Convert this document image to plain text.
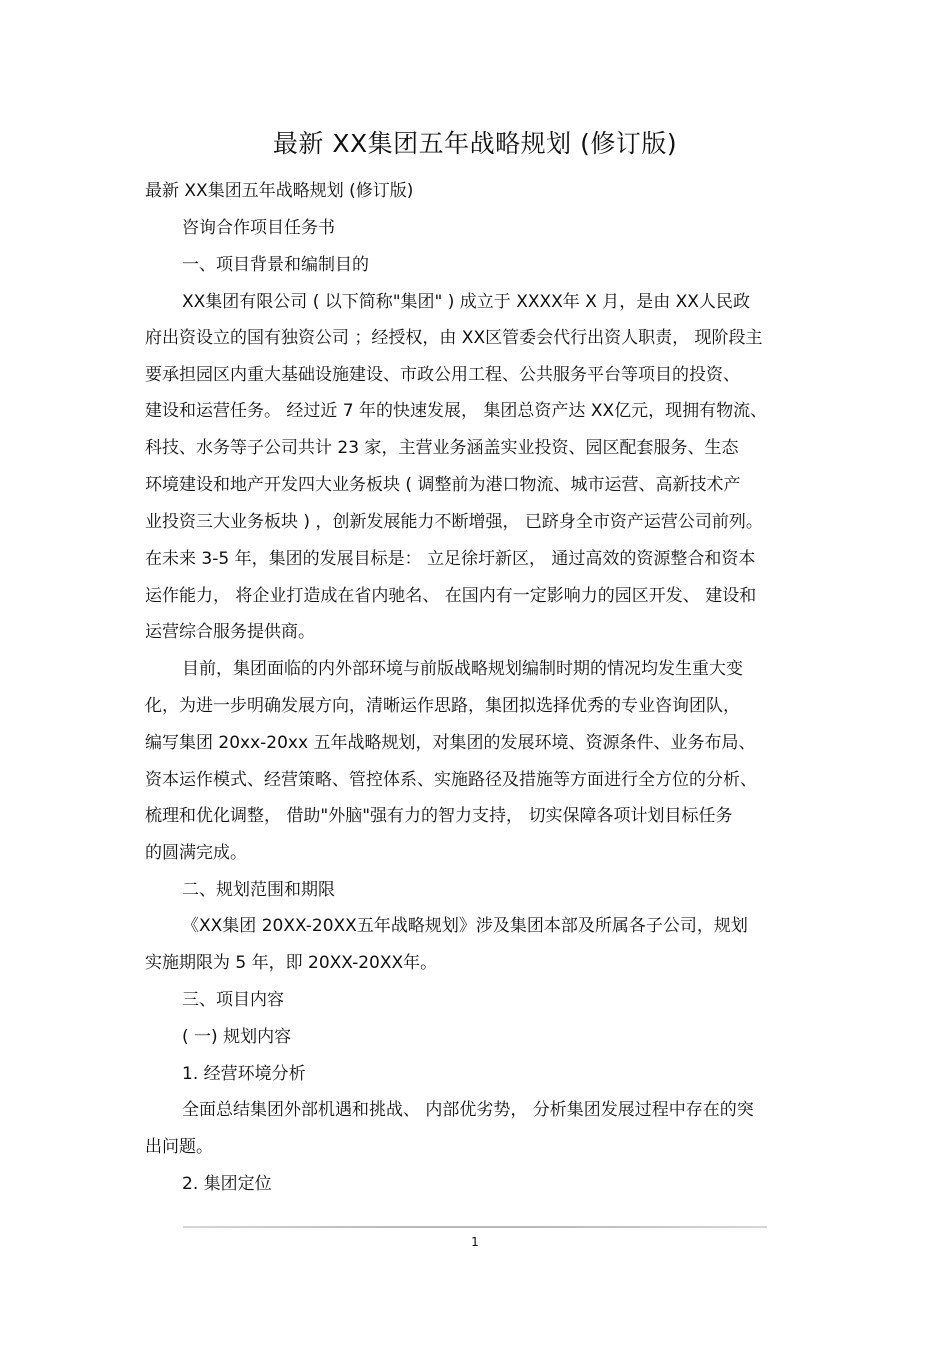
最新 XX集团五年战略规划 (修订版)
最新 XX集团五年战略规划 (修订版)
咨询合作项目任务书
一、项目背景和编制目的
XX集团有限公司 ( 以下简称"集团" ) 成立于 XXXX年 X 月，是由 XX人民政
府出资设立的国有独资公司 ；经授权，由 XX区管委会代行出资人职责， 现阶段主
要承担园区内重大基础设施建设、市政公用工程、公共服务平台等项目的投资、
建设和运营任务。 经过近 7 年的快速发展， 集团总资产达 XX亿元，现拥有物流、
科技、水务等子公司共计 23 家，主营业务涵盖实业投资、园区配套服务、生态
环境建设和地产开发四大业务板块 ( 调整前为港口物流、城市运营、高新技术产
业投资三大业务板块 ) ，创新发展能力不断增强， 已跻身全市资产运营公司前列。
在未来 3-5 年，集团的发展目标是： 立足徐圩新区， 通过高效的资源整合和资本
运作能力， 将企业打造成在省内驰名、 在国内有一定影响力的园区开发、 建设和
运营综合服务提供商。
目前，集团面临的内外部环境与前版战略规划编制时期的情况均发生重大变
化，为进一步明确发展方向，清晰运作思路，集团拟选择优秀的专业咨询团队，
编写集团 20xx-20xx 五年战略规划，对集团的发展环境、资源条件、业务布局、
资本运作模式、经营策略、管控体系、实施路径及措施等方面进行全方位的分析、
梳理和优化调整， 借助"外脑"强有力的智力支持， 切实保障各项计划目标任务
的圆满完成。
二、规划范围和期限
《XX集团 20XX-20XX五年战略规划》涉及集团本部及所属各子公司，规划
实施期限为 5 年，即 20XX-20XX年。
三、项目内容
( 一) 规划内容
1. 经营环境分析
全面总结集团外部机遇和挑战、 内部优劣势， 分析集团发展过程中存在的突
出问题。
2. 集团定位
1
